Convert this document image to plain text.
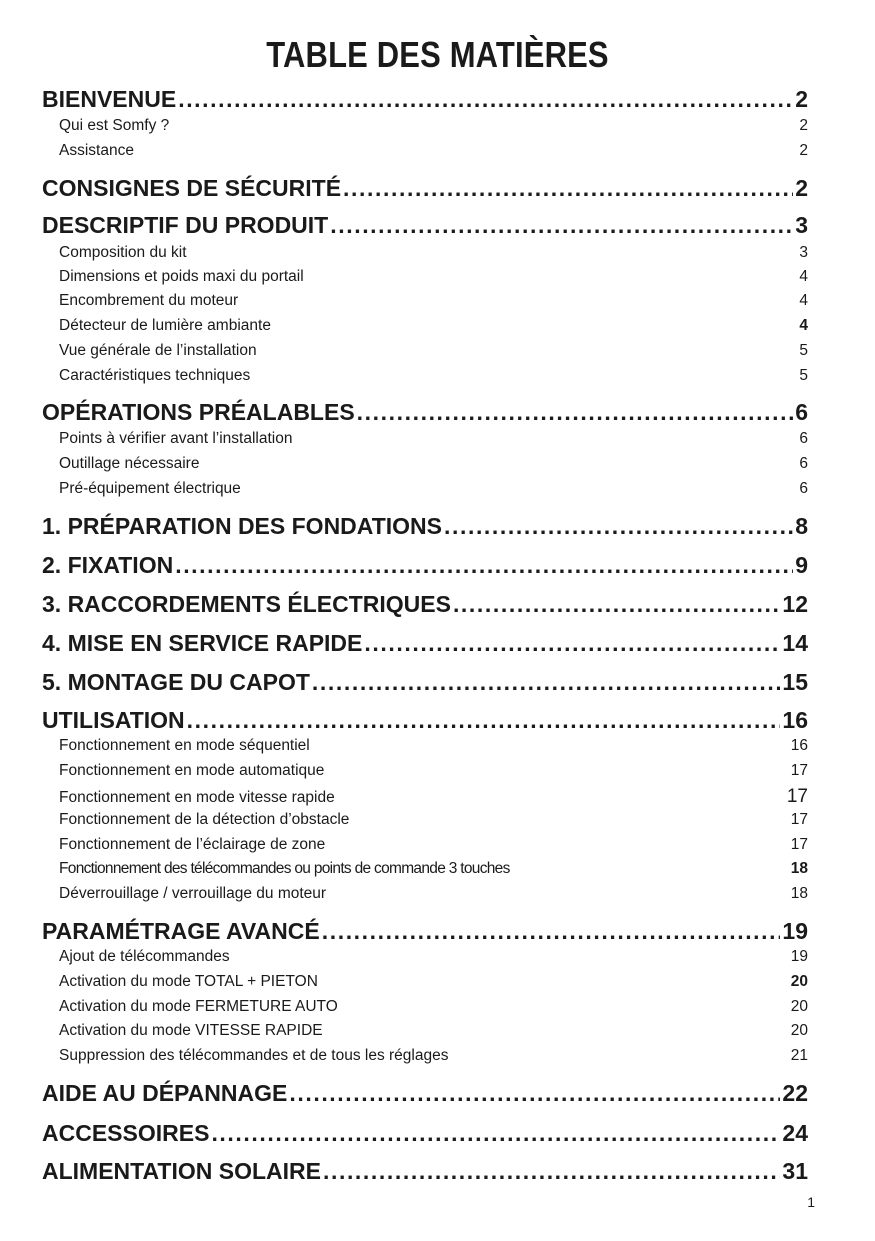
TABLE DES MATIÈRES
BIENVENUE .....	2
Qui est Somfy ?	2
Assistance	2
CONSIGNES DE SÉCURITÉ .....	2
DESCRIPTIF DU PRODUIT .....	3
Composition du kit	3
Dimensions et poids maxi du portail	4
Encombrement du moteur	4
Détecteur de lumière ambiante	4
Vue générale de l’installation	5
Caractéristiques techniques	5
OPÉRATIONS PRÉALABLES .....	6
Points à vérifier avant l’installation	6
Outillage nécessaire	6
Pré-équipement électrique	6
1. PRÉPARATION DES FONDATIONS .....	8
2. FIXATION .....	9
3. RACCORDEMENTS ÉLECTRIQUES .....	12
4. MISE EN SERVICE RAPIDE .....	14
5. MONTAGE DU CAPOT .....	15
UTILISATION .....	16
Fonctionnement en mode séquentiel	16
Fonctionnement en mode automatique	17
Fonctionnement en mode vitesse rapide	17
Fonctionnement de la détection d’obstacle	17
Fonctionnement de l’éclairage de zone	17
Fonctionnement des télécommandes ou points de commande 3 touches	18
Déverrouillage / verrouillage du moteur	18
PARAMÉTRAGE AVANCÉ .....	19
Ajout de télécommandes	19
Activation du mode TOTAL + PIETON	20
Activation du mode FERMETURE AUTO	20
Activation du mode VITESSE RAPIDE	20
Suppression des télécommandes et de tous les réglages	21
AIDE AU DÉPANNAGE .....	22
ACCESSOIRES .....	24
ALIMENTATION SOLAIRE .....	31
1
